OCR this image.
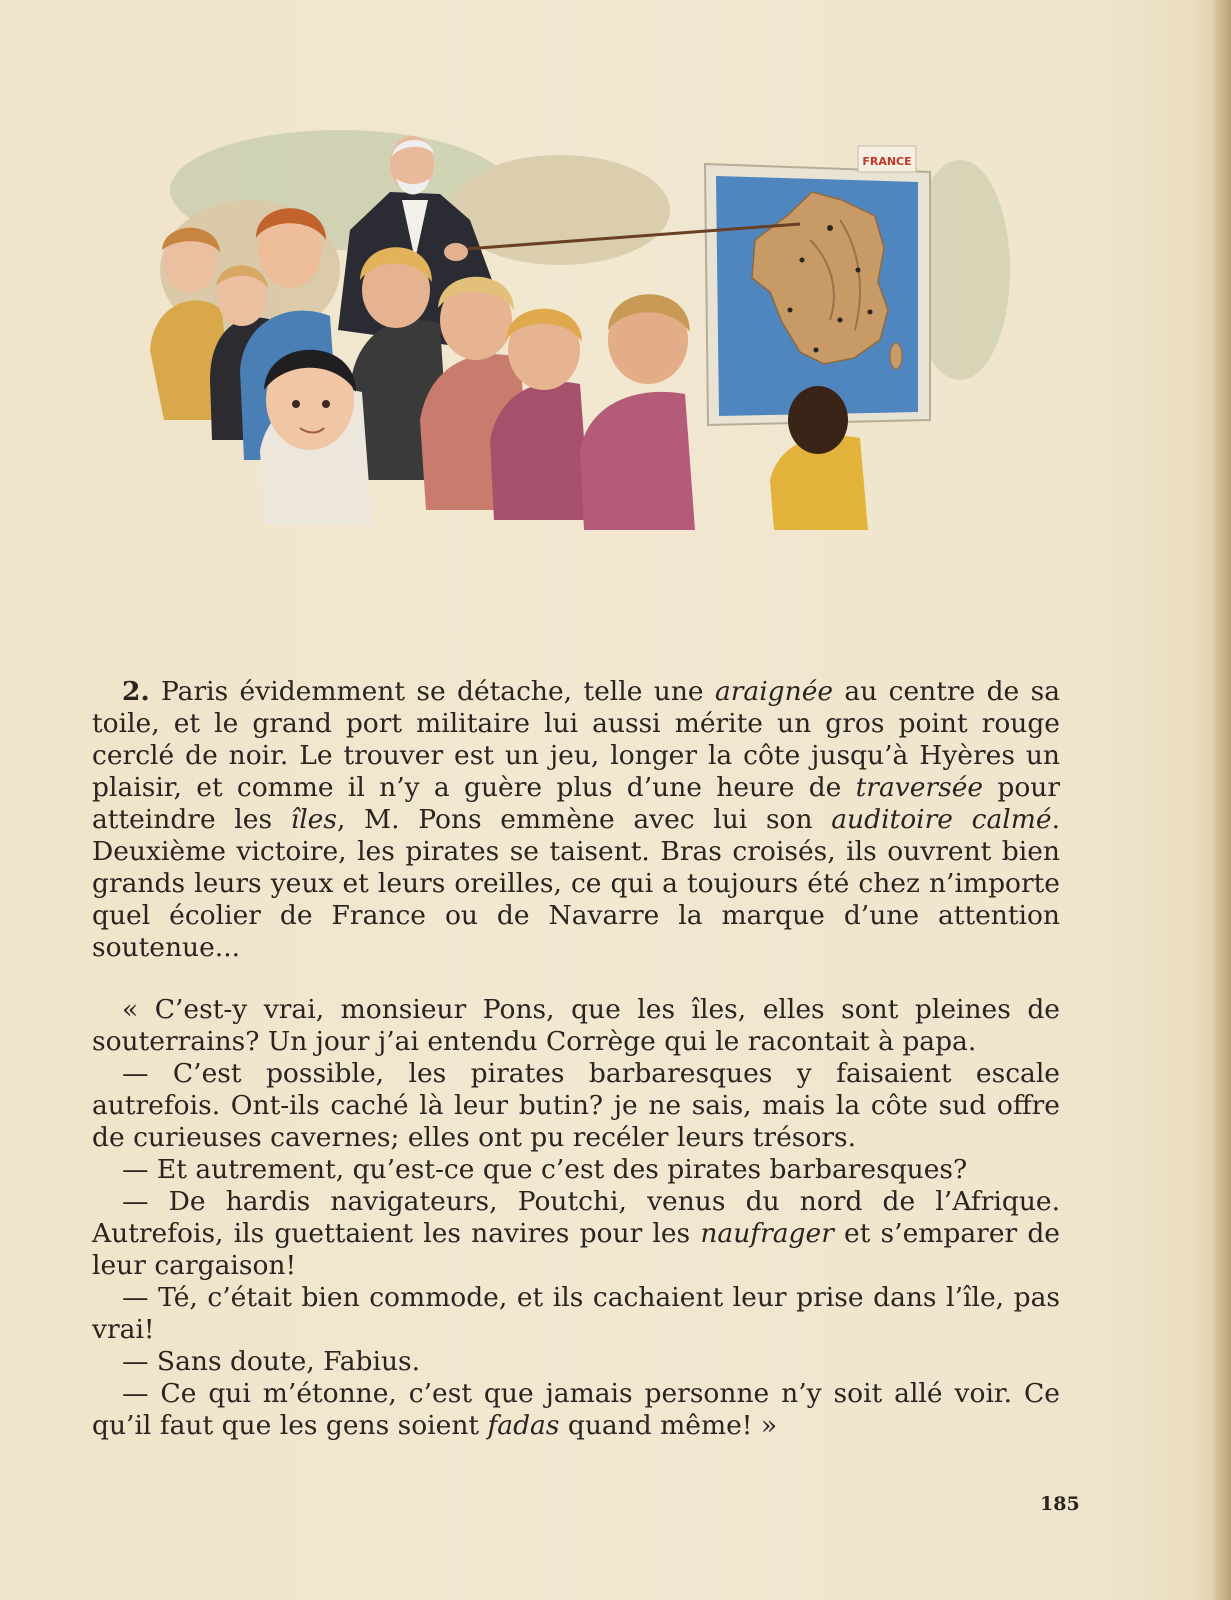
FRANCE

2. Paris évidemment se détache, telle une araignée au centre de sa toile, et le grand port militaire lui aussi mérite un gros point rouge cerclé de noir. Le trouver est un jeu, longer la côte jusqu’à Hyères un plaisir, et comme il n’y a guère plus d’une heure de traversée pour atteindre les îles, M. Pons emmène avec lui son auditoire calmé. Deuxième victoire, les pirates se taisent. Bras croisés, ils ouvrent bien grands leurs yeux et leurs oreilles, ce qui a toujours été chez n’importe quel écolier de France ou de Navarre la marque d’une attention soutenue...

« C’est-y vrai, monsieur Pons, que les îles, elles sont pleines de souterrains? Un jour j’ai entendu Corrège qui le racontait à papa.

— C’est possible, les pirates barbaresques y faisaient escale autrefois. Ont-ils caché là leur butin? je ne sais, mais la côte sud offre de curieuses cavernes; elles ont pu recéler leurs trésors.

— Et autrement, qu’est-ce que c’est des pirates barbaresques?

— De hardis navigateurs, Poutchi, venus du nord de l’Afrique. Autrefois, ils guettaient les navires pour les naufrager et s’emparer de leur cargaison!

— Té, c’était bien commode, et ils cachaient leur prise dans l’île, pas vrai!

— Sans doute, Fabius.

— Ce qui m’étonne, c’est que jamais personne n’y soit allé voir. Ce qu’il faut que les gens soient fadas quand même! »

185
